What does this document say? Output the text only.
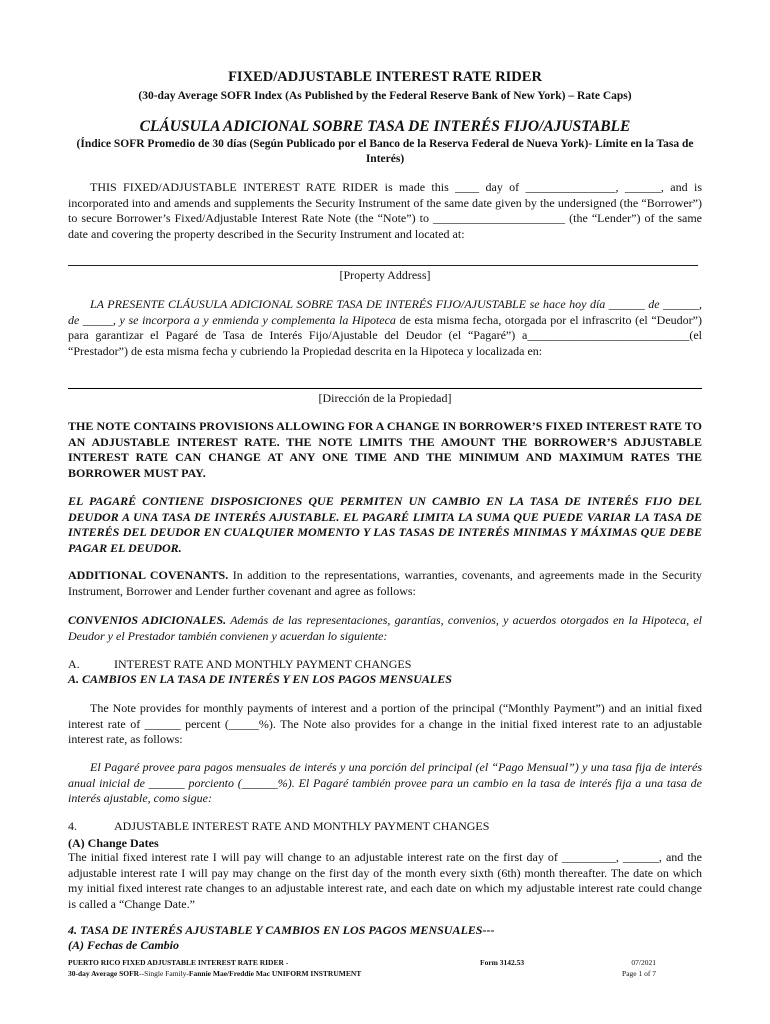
FIXED/ADJUSTABLE INTEREST RATE RIDER
(30-day Average SOFR Index (As Published by the Federal Reserve Bank of New York) – Rate Caps)
CLÁUSULA ADICIONAL SOBRE TASA DE INTERÉS FIJO/AJUSTABLE
(Índice SOFR Promedio de 30 días (Según Publicado por el Banco de la Reserva Federal de Nueva York)- Límite en la Tasa de Interés)
THIS FIXED/ADJUSTABLE INTEREST RATE RIDER is made this ____ day of _______________, ______, and is incorporated into and amends and supplements the Security Instrument of the same date given by the undersigned (the “Borrower”) to secure Borrower’s Fixed/Adjustable Interest Rate Note (the “Note”) to ______________________ (the “Lender”) of the same date and covering the property described in the Security Instrument and located at:
[Property Address]
LA PRESENTE CLÁUSULA ADICIONAL SOBRE TASA DE INTERÉS FIJO/AJUSTABLE se hace hoy día ______ de ______, de _____, y se incorpora a y enmienda y complementa la Hipoteca de esta misma fecha, otorgada por el infrascrito (el “Deudor”) para garantizar el Pagaré de Tasa de Interés Fijo/Ajustable del Deudor (el “Pagaré”) a___________________________(el “Prestador”) de esta misma fecha y cubriendo la Propiedad descrita en la Hipoteca y localizada en:
[Dirección de la Propiedad]
THE NOTE CONTAINS PROVISIONS ALLOWING FOR A CHANGE IN BORROWER’S FIXED INTEREST RATE TO AN ADJUSTABLE INTEREST RATE. THE NOTE LIMITS THE AMOUNT THE BORROWER’S ADJUSTABLE INTEREST RATE CAN CHANGE AT ANY ONE TIME AND THE MINIMUM AND MAXIMUM RATES THE BORROWER MUST PAY.
EL PAGARÉ CONTIENE DISPOSICIONES QUE PERMITEN UN CAMBIO EN LA TASA DE INTERÉS FIJO DEL DEUDOR A UNA TASA DE INTERÉS AJUSTABLE. EL PAGARÉ LIMITA LA SUMA QUE PUEDE VARIAR LA TASA DE INTERÉS DEL DEUDOR EN CUALQUIER MOMENTO Y LAS TASAS DE INTERÉS MINIMAS Y MÁXIMAS QUE DEBE PAGAR EL DEUDOR.
ADDITIONAL COVENANTS. In addition to the representations, warranties, covenants, and agreements made in the Security Instrument, Borrower and Lender further covenant and agree as follows:
CONVENIOS ADICIONALES. Además de las representaciones, garantías, convenios, y acuerdos otorgados en la Hipoteca, el Deudor y el Prestador también convienen y acuerdan lo siguiente:
A.	INTEREST RATE AND MONTHLY PAYMENT CHANGES
A. CAMBIOS EN LA TASA DE INTERÉS Y EN LOS PAGOS MENSUALES
The Note provides for monthly payments of interest and a portion of the principal (“Monthly Payment”) and an initial fixed interest rate of ______ percent (_____%). The Note also provides for a change in the initial fixed interest rate to an adjustable interest rate, as follows:
El Pagaré provee para pagos mensuales de interés y una porción del principal (el “Pago Mensual”) y una tasa fija de interés anual inicial de ______ porciento (______%). El Pagaré también provee para un cambio en la tasa de interés fija a una tasa de interés ajustable, como sigue:
4.	ADJUSTABLE INTEREST RATE AND MONTHLY PAYMENT CHANGES
(A) Change Dates
The initial fixed interest rate I will pay will change to an adjustable interest rate on the first day of _________, ______, and the adjustable interest rate I will pay may change on the first day of the month every sixth (6th) month thereafter. The date on which my initial fixed interest rate changes to an adjustable interest rate, and each date on which my adjustable interest rate could change is called a “Change Date.”
4. TASA DE INTERÉS AJUSTABLE Y CAMBIOS EN LOS PAGOS MENSUALES---
(A) Fechas de Cambio
PUERTO RICO FIXED ADJUSTABLE INTEREST RATE RIDER -
30-day Average SOFR--Single Family-Fannie Mae/Freddie Mac UNIFORM INSTRUMENT
Form 3142.53	07/2021
Page 1 of 7
